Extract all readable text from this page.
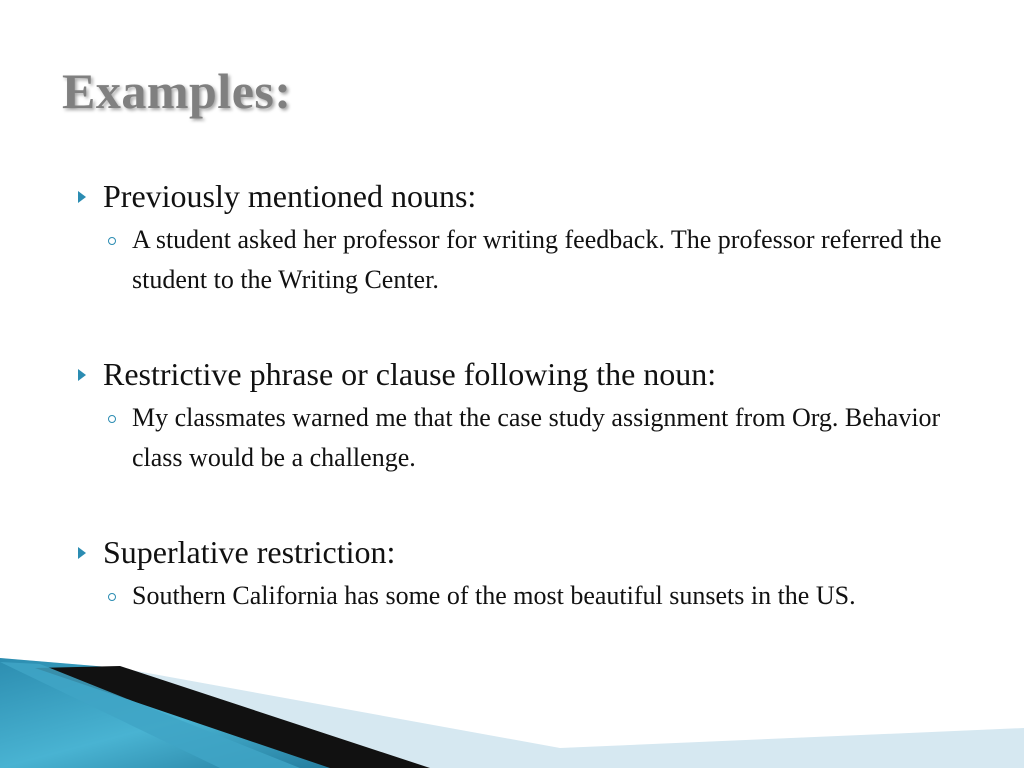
Examples:
Previously mentioned nouns:
A student asked her professor for writing feedback. The professor referred the student to the Writing Center.
Restrictive phrase or clause following the noun:
My classmates warned me that the case study assignment from Org. Behavior class would be a challenge.
Superlative restriction:
Southern California has some of the most beautiful sunsets in the US.
